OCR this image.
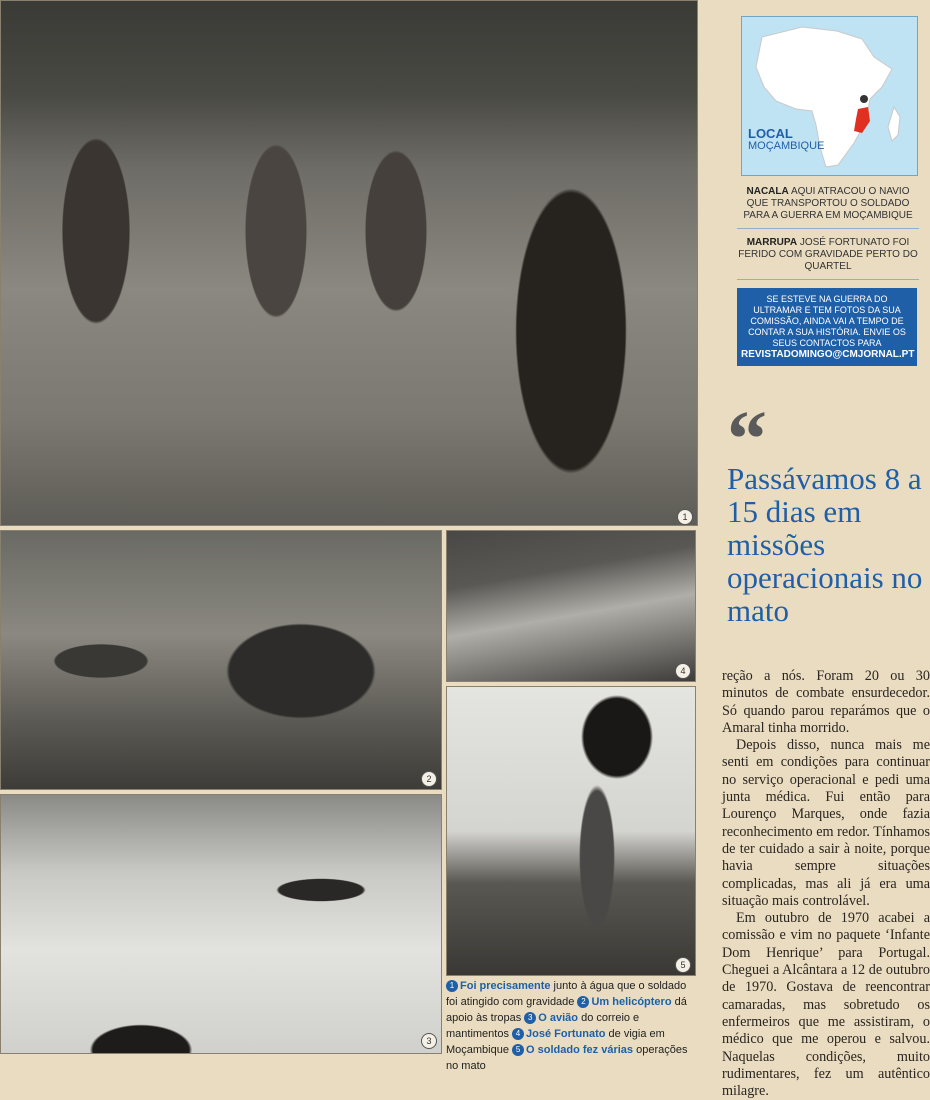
1
2
3
4
5
1 Foi precisamente junto à água que o soldado foi atingido com gravidade 2 Um helicóptero dá apoio às tropas 3 O avião do correio e mantimentos 4 José Fortunato de vigia em Moçambique 5 O soldado fez várias operações no mato
LOCAL
MOÇAMBIQUE

NACALA AQUI ATRACOU O NAVIO QUE TRANSPORTOU O SOLDADO PARA A GUERRA EM MOÇAMBIQUE

MARRUPA JOSÉ FORTUNATO FOI FERIDO COM GRAVIDADE PERTO DO QUARTEL

SE ESTEVE NA GUERRA DO ULTRAMAR E TEM FOTOS DA SUA COMISSÃO, AINDA VAI A TEMPO DE CONTAR A SUA HISTÓRIA. ENVIE OS SEUS CONTACTOS PARA
REVISTADOMINGO@CMJORNAL.PT
“
Passávamos 8 a 15 dias em missões operacionais no mato

reção a nós. Foram 20 ou 30 minutos de combate ensurdecedor. Só quando parou reparámos que o Amaral tinha morrido.

Depois disso, nunca mais me senti em condições para continuar no serviço operacional e pedi uma junta médica. Fui então para Lourenço Marques, onde fazia reconhecimento em redor. Tínhamos de ter cuidado a sair à noite, porque havia sempre situações complicadas, mas ali já era uma situação mais controlável.

Em outubro de 1970 acabei a comissão e vim no paquete ‘Infante Dom Henrique’ para Portugal. Cheguei a Alcântara a 12 de outubro de 1970. Gostava de reencontrar camaradas, mas sobretudo os enfermeiros que me assistiram, o médico que me operou e salvou. Naquelas condições, muito rudimentares, fez um autêntico milagre.
